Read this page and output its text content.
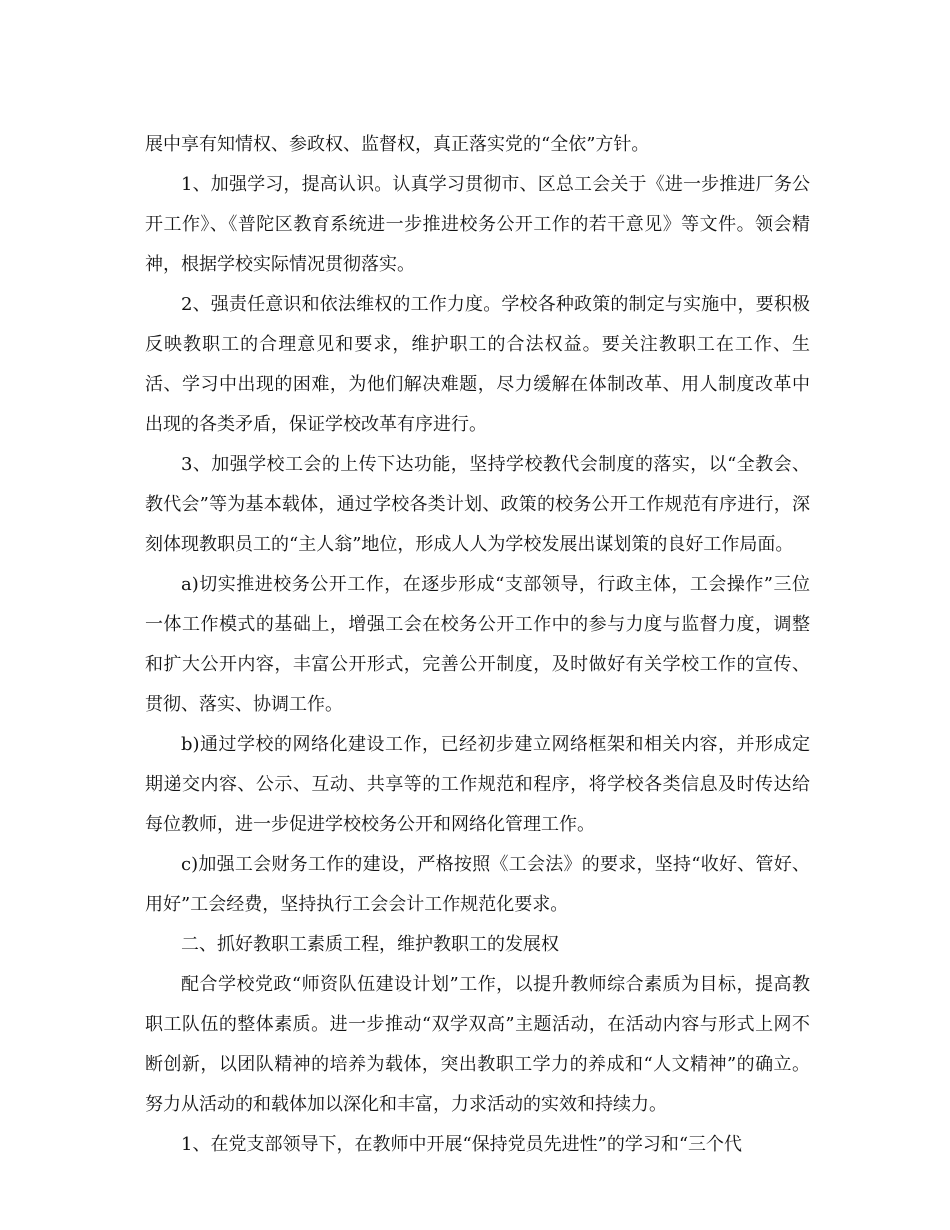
展中享有知情权、参政权、监督权，真正落实党的“全依”方针。

1、加强学习，提高认识。认真学习贯彻市、区总工会关于《进一步推进厂务公开工作》、《普陀区教育系统进一步推进校务公开工作的若干意见》等文件。领会精神，根据学校实际情况贯彻落实。

2、强责任意识和依法维权的工作力度。学校各种政策的制定与实施中，要积极反映教职工的合理意见和要求，维护职工的合法权益。要关注教职工在工作、生活、学习中出现的困难，为他们解决难题，尽力缓解在体制改革、用人制度改革中出现的各类矛盾，保证学校改革有序进行。

3、加强学校工会的上传下达功能，坚持学校教代会制度的落实，以“全教会、教代会”等为基本载体，通过学校各类计划、政策的校务公开工作规范有序进行，深刻体现教职员工的“主人翁”地位，形成人人为学校发展出谋划策的良好工作局面。

a)切实推进校务公开工作，在逐步形成“支部领导，行政主体，工会操作”三位一体工作模式的基础上，增强工会在校务公开工作中的参与力度与监督力度，调整和扩大公开内容，丰富公开形式，完善公开制度，及时做好有关学校工作的宣传、贯彻、落实、协调工作。

b)通过学校的网络化建设工作，已经初步建立网络框架和相关内容，并形成定期递交内容、公示、互动、共享等的工作规范和程序，将学校各类信息及时传达给每位教师，进一步促进学校校务公开和网络化管理工作。

c)加强工会财务工作的建设，严格按照《工会法》的要求，坚持“收好、管好、用好”工会经费，坚持执行工会会计工作规范化要求。

二、抓好教职工素质工程，维护教职工的发展权

配合学校党政“师资队伍建设计划”工作，以提升教师综合素质为目标，提高教职工队伍的整体素质。进一步推动“双学双高”主题活动，在活动内容与形式上网不断创新，以团队精神的培养为载体，突出教职工学力的养成和“人文精神”的确立。努力从活动的和载体加以深化和丰富，力求活动的实效和持续力。

1、在党支部领导下，在教师中开展“保持党员先进性”的学习和“三个代
